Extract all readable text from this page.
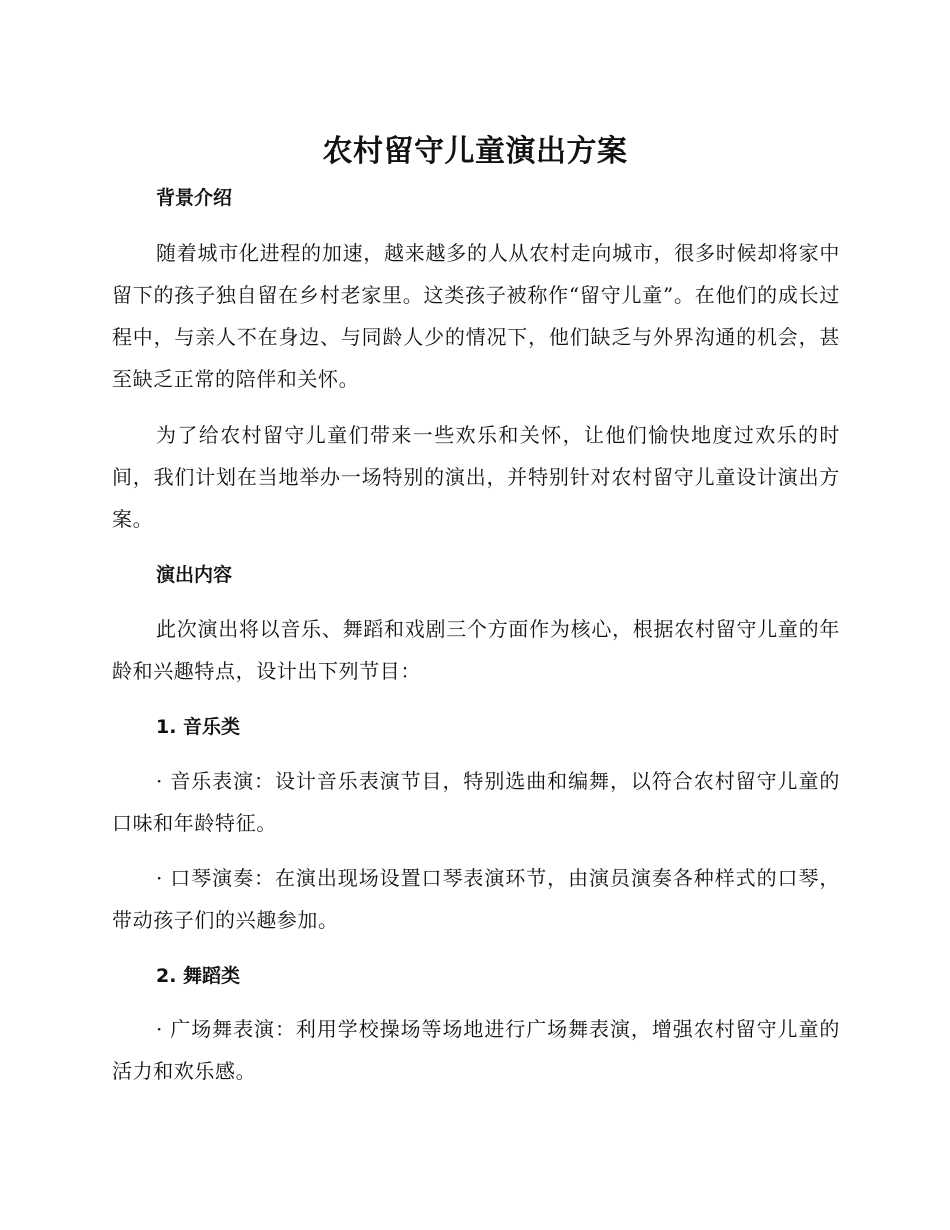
农村留守儿童演出方案
背景介绍
随着城市化进程的加速，越来越多的人从农村走向城市，很多时候却将家中留下的孩子独自留在乡村老家里。这类孩子被称作“留守儿童”。在他们的成长过程中，与亲人不在身边、与同龄人少的情况下，他们缺乏与外界沟通的机会，甚至缺乏正常的陪伴和关怀。
为了给农村留守儿童们带来一些欢乐和关怀，让他们愉快地度过欢乐的时间，我们计划在当地举办一场特别的演出，并特别针对农村留守儿童设计演出方案。
演出内容
此次演出将以音乐、舞蹈和戏剧三个方面作为核心，根据农村留守儿童的年龄和兴趣特点，设计出下列节目：
1. 音乐类
· 音乐表演：设计音乐表演节目，特别选曲和编舞，以符合农村留守儿童的口味和年龄特征。
· 口琴演奏：在演出现场设置口琴表演环节，由演员演奏各种样式的口琴，带动孩子们的兴趣参加。
2. 舞蹈类
· 广场舞表演：利用学校操场等场地进行广场舞表演，增强农村留守儿童的活力和欢乐感。
